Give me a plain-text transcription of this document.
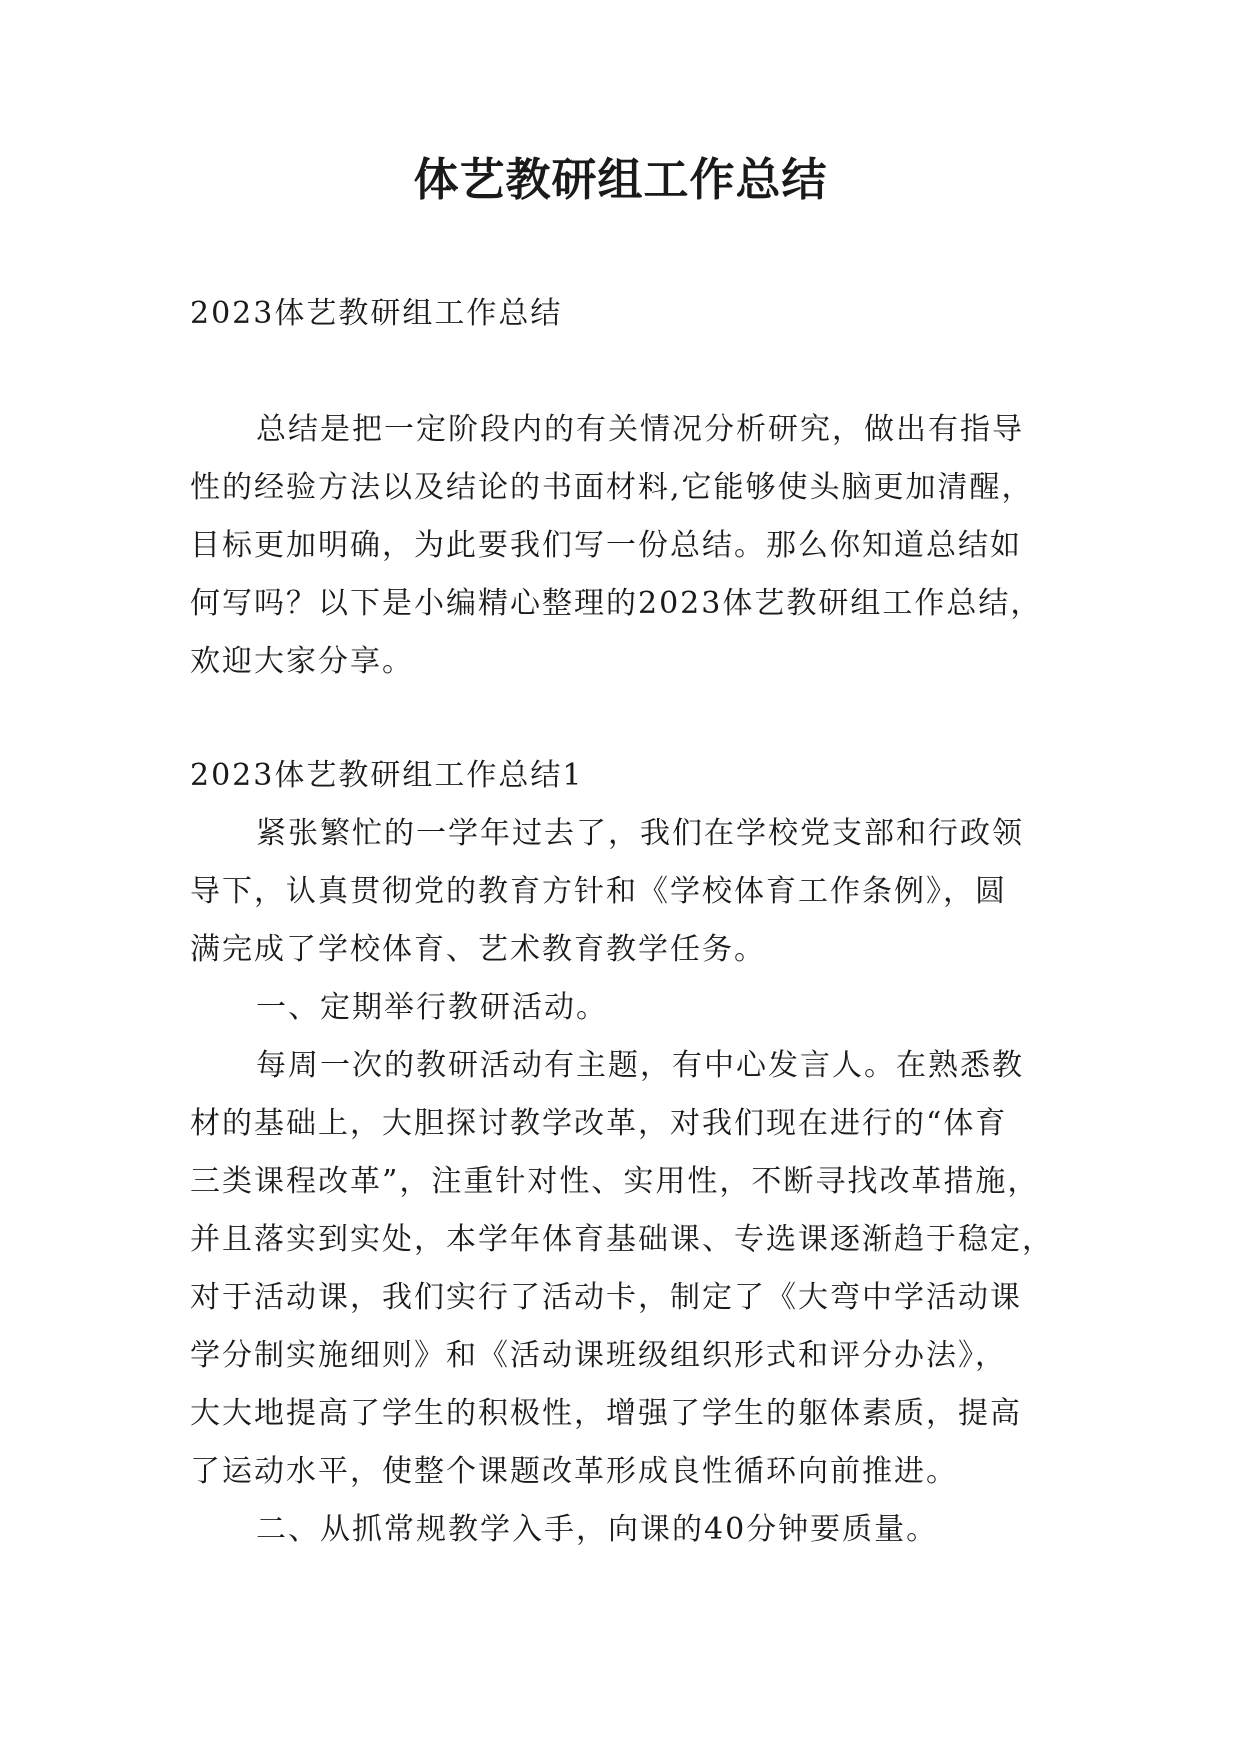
体艺教研组工作总结

2023体艺教研组工作总结

总结是把一定阶段内的有关情况分析研究，做出有指导

性的经验方法以及结论的书面材料,它能够使头脑更加清醒，

目标更加明确，为此要我们写一份总结。那么你知道总结如

何写吗？以下是小编精心整理的2023体艺教研组工作总结，

欢迎大家分享。

2023体艺教研组工作总结1

紧张繁忙的一学年过去了，我们在学校党支部和行政领

导下，认真贯彻党的教育方针和《学校体育工作条例》，圆

满完成了学校体育、艺术教育教学任务。

一、定期举行教研活动。

每周一次的教研活动有主题，有中心发言人。在熟悉教

材的基础上，大胆探讨教学改革，对我们现在进行的“体育

三类课程改革”，注重针对性、实用性，不断寻找改革措施，

并且落实到实处，本学年体育基础课、专选课逐渐趋于稳定，

对于活动课，我们实行了活动卡，制定了《大弯中学活动课

学分制实施细则》和《活动课班级组织形式和评分办法》，

大大地提高了学生的积极性，增强了学生的躯体素质，提高

了运动水平，使整个课题改革形成良性循环向前推进。

二、从抓常规教学入手，向课的40分钟要质量。
